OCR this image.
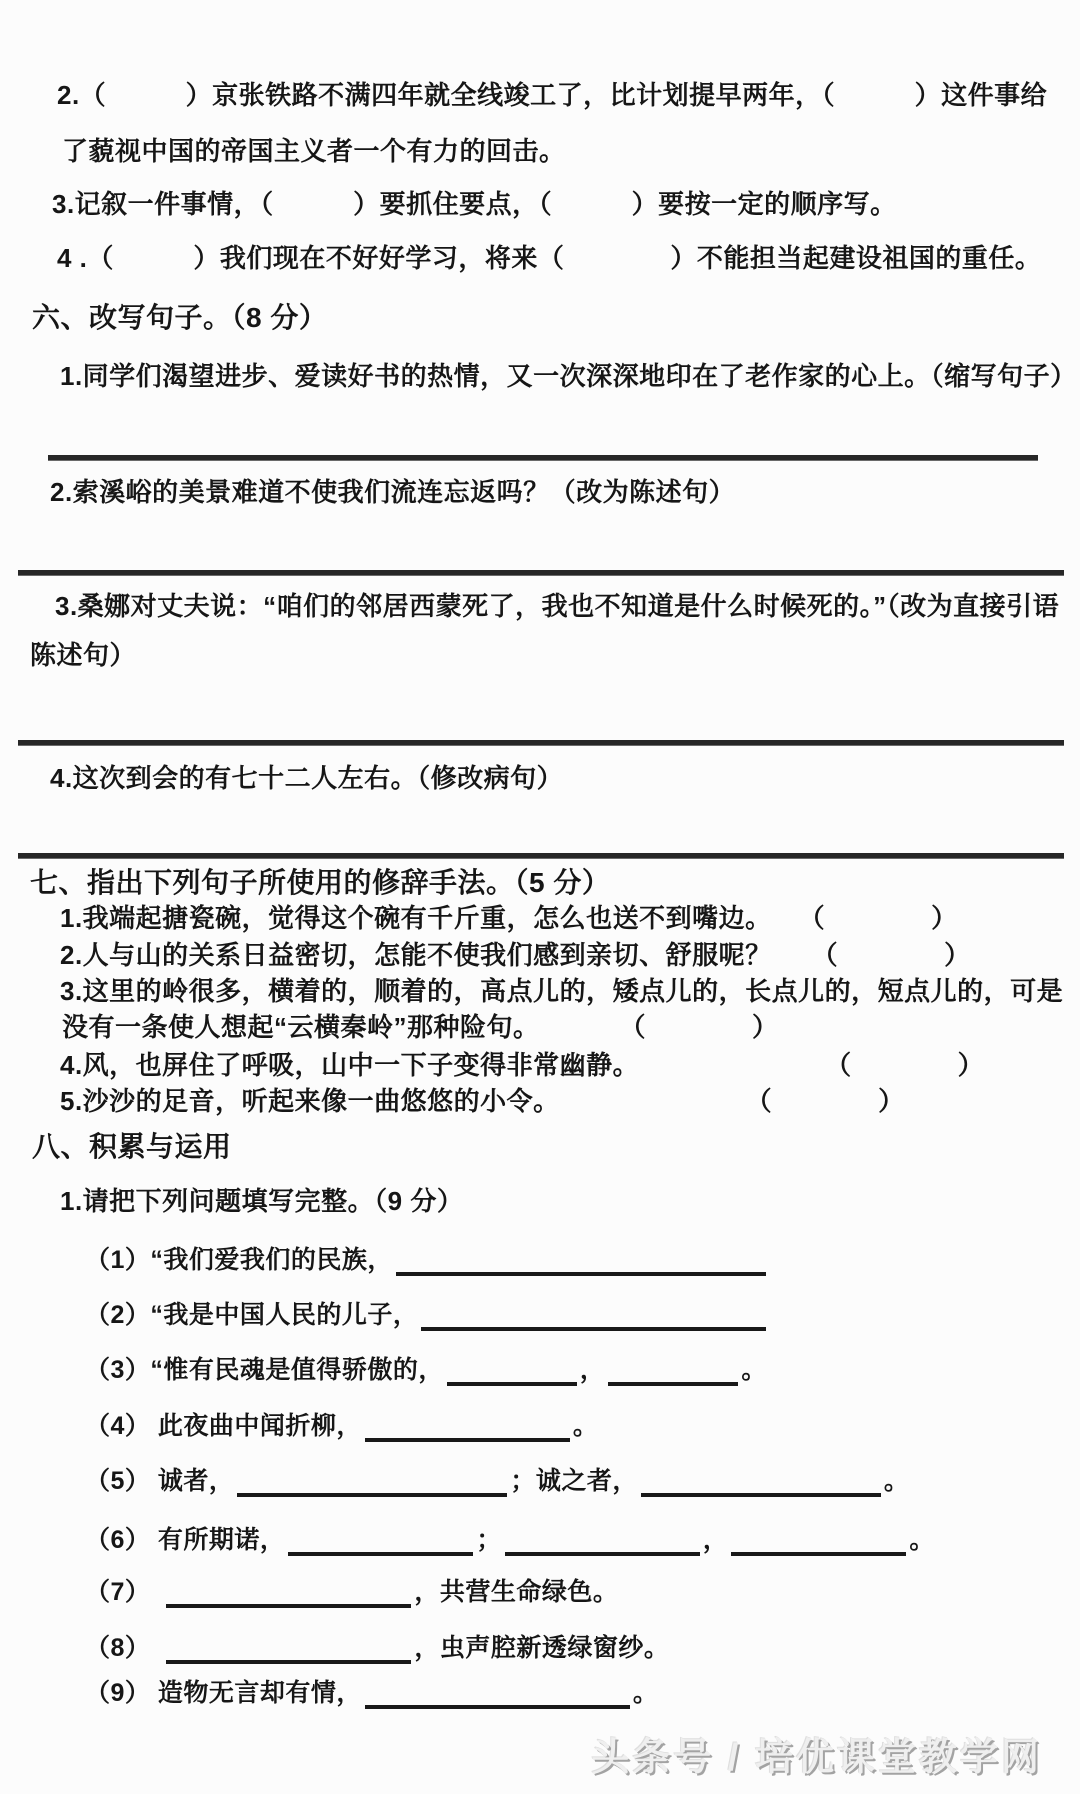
2.（　　　）京张铁路不满四年就全线竣工了，比计划提早两年，（　　　）这件事给
了藐视中国的帝国主义者一个有力的回击。
3.记叙一件事情，（　　　）要抓住要点，（　　　）要按一定的顺序写。
4 .（　　　）我们现在不好好学习，将来（　　　　）不能担当起建设祖国的重任。
六、改写句子。（8 分）
1.同学们渴望进步、爱读好书的热情，又一次深深地印在了老作家的心上。（缩写句子）
2.索溪峪的美景难道不使我们流连忘返吗？（改为陈述句）
3.桑娜对丈夫说：“咱们的邻居西蒙死了，我也不知道是什么时候死的。”（改为直接引语
陈述句）
4.这次到会的有七十二人左右。（修改病句）
七、指出下列句子所使用的修辞手法。（5 分）
1.我端起搪瓷碗，觉得这个碗有千斤重，怎么也送不到嘴边。　　（　　　　）
2.人与山的关系日益密切，怎能不使我们感到亲切、舒服呢？　　（　　　　）
3.这里的岭很多，横着的，顺着的，高点儿的，矮点儿的，长点儿的，短点儿的，可是
没有一条使人想起“云横秦岭”那种险句。　　　　（　　　　）
4.风，也屏住了呼吸，山中一下子变得非常幽静。　　　　　　　　（　　　　）
5.沙沙的足音，听起来像一曲悠悠的小令。　　　　　　　　（　　　　）
八、积累与运用
1.请把下列问题填写完整。（9 分）
（1）“我们爱我们的民族，
（2）“我是中国人民的儿子，
（3）“惟有民魂是值得骄傲的，	，	。
（4） 此夜曲中闻折柳，	。
（5） 诚者，	；诚之者，	。
（6） 有所期诺，	；	，	。
（7）　	，共营生命绿色。
（8）　	，虫声腔新透绿窗纱。
（9） 造物无言却有情，	。
头条号 / 培优课堂教学网
